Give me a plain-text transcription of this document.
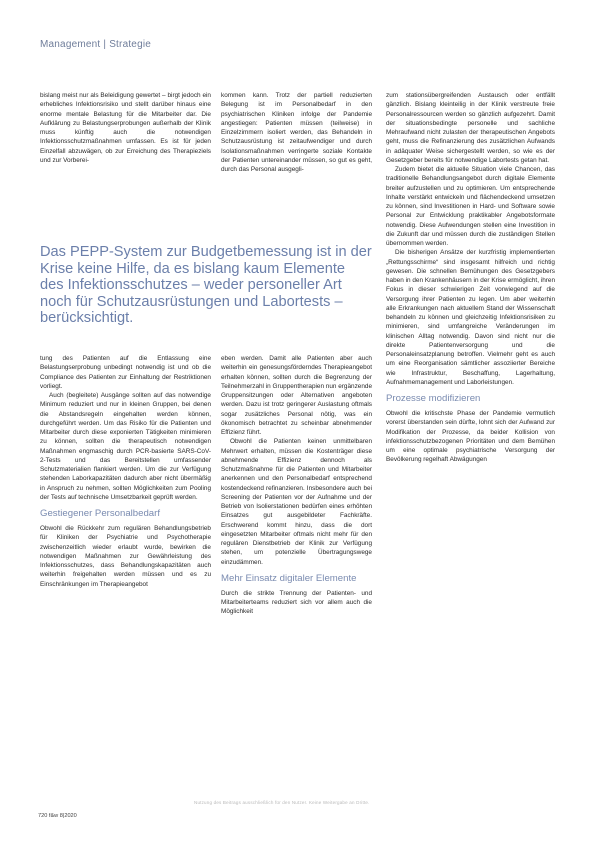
Management | Strategie

bislang meist nur als Beleidigung gewertet – birgt jedoch ein erhebliches Infektionsrisiko und stellt darüber hinaus eine enorme mentale Belastung für die Mitarbeiter dar. Die Aufklärung zu Belastungserprobungen außerhalb der Klinik muss künftig auch die notwendigen Infektionsschutzmaßnahmen umfassen. Es ist für jeden Einzelfall abzuwägen, ob zur Erreichung des Therapieziels und zur Vorberei-

kommen kann. Trotz der partiell reduzierten Belegung ist im Personalbedarf in den psychiatrischen Kliniken infolge der Pandemie angestiegen: Patienten müssen (teilweise) in Einzelzimmern isoliert werden, das Behandeln in Schutzausrüstung ist zeitaufwendiger und durch Isolationsmaßnahmen verringerte soziale Kontakte der Patienten untereinander müssen, so gut es geht, durch das Personal ausgegli-

Das PEPP-System zur Budgetbemessung ist in der Krise keine Hilfe, da es bislang kaum Elemente des Infektionsschutzes – weder personeller Art noch für Schutzausrüstungen und Labortests – berücksichtigt.

tung des Patienten auf die Entlassung eine Belastungserprobung unbedingt notwendig ist und ob die Compliance des Patienten zur Einhaltung der Restriktionen vorliegt.

Auch (begleitete) Ausgänge sollten auf das notwendige Minimum reduziert und nur in kleinen Gruppen, bei denen die Abstandsregeln eingehalten werden können, durchgeführt werden. Um das Risiko für die Patienten und Mitarbeiter durch diese exponierten Tätigkeiten minimieren zu können, sollten die therapeutisch notwendigen Maßnahmen engmaschig durch PCR-basierte SARS-CoV-2-Tests und das Bereitstellen umfassender Schutzmaterialien flankiert werden. Um die zur Verfügung stehenden Laborkapazitäten dadurch aber nicht übermäßig in Anspruch zu nehmen, sollten Möglichkeiten zum Pooling der Tests auf technische Umsetzbarkeit geprüft werden.

Gestiegener Personalbedarf

Obwohl die Rückkehr zum regulären Behandlungsbetrieb für Kliniken der Psychiatrie und Psychotherapie zwischenzeitlich wieder erlaubt wurde, bewirken die notwendigen Maßnahmen zur Gewährleistung des Infektionsschutzes, dass Behandlungskapazitäten auch weiterhin freigehalten werden müssen und es zu Einschränkungen im Therapieangebot

eben werden. Damit alle Patienten aber auch weiterhin ein genesungsförderndes Therapieangebot erhalten können, sollten durch die Begrenzung der Teilnehmerzahl in Gruppentherapien nun ergänzende Gruppensitzungen oder Alternativen angeboten werden. Dazu ist trotz geringerer Auslastung oftmals sogar zusätzliches Personal nötig, was ein ökonomisch betrachtet zu scheinbar abnehmender Effizienz führt.

Obwohl die Patienten keinen unmittelbaren Mehrwert erhalten, müssen die Kostenträger diese abnehmende Effizienz dennoch als Schutzmaßnahme für die Patienten und Mitarbeiter anerkennen und den Personalbedarf entsprechend kostendeckend refinanzieren. Insbesondere auch bei Screening der Patienten vor der Aufnahme und der Betrieb von Isolierstationen bedürfen eines erhöhten Einsatzes gut ausgebildeter Fachkräfte. Erschwerend kommt hinzu, dass die dort eingesetzten Mitarbeiter oftmals nicht mehr für den regulären Dienstbetrieb der Klinik zur Verfügung stehen, um potenzielle Übertragungswege einzudämmen.

Mehr Einsatz digitaler Elemente

Durch die strikte Trennung der Patienten- und Mitarbeiterteams reduziert sich vor allem auch die Möglichkeit

zum stationsübergreifenden Austausch oder entfällt gänzlich. Bislang kleinteilig in der Klinik verstreute freie Personalressourcen werden so gänzlich aufgezehrt. Damit der situationsbedingte personelle und sachliche Mehraufwand nicht zulasten der therapeutischen Angebots geht, muss die Refinanzierung des zusätzlichen Aufwands in adäquater Weise sichergestellt werden, so wie es der Gesetzgeber bereits für notwendige Labortests getan hat.

Zudem bietet die aktuelle Situation viele Chancen, das traditionelle Behandlungsangebot durch digitale Elemente breiter aufzustellen und zu optimieren. Um entsprechende Inhalte verstärkt entwickeln und flächendeckend umsetzen zu können, sind Investitionen in Hard- und Software sowie Personal zur Entwicklung praktikabler Angebotsformate notwendig. Diese Aufwendungen stellen eine Investition in die Zukunft dar und müssen durch die zuständigen Stellen übernommen werden.

Die bisherigen Ansätze der kurzfristig implementierten „Rettungsschirme“ sind insgesamt hilfreich und richtig gewesen. Die schnellen Bemühungen des Gesetzgebers haben in den Krankenhäusern in der Krise ermöglicht, ihren Fokus in dieser schwierigen Zeit vorwiegend auf die Versorgung ihrer Patienten zu legen. Um aber weiterhin alle Erkrankungen nach aktuellem Stand der Wissenschaft behandeln zu können und gleichzeitig Infektionsrisiken zu minimieren, sind umfangreiche Veränderungen im klinischen Alltag notwendig. Davon sind nicht nur die direkte Patientenversorgung und die Personaleinsatzplanung betroffen. Vielmehr geht es auch um eine Reorganisation sämtlicher assoziierter Bereiche wie Infrastruktur, Beschaffung, Lagerhaltung, Aufnahmemanagement und Laborleistungen.

Prozesse modifizieren

Obwohl die kritischste Phase der Pandemie vermutlich vorerst überstanden sein dürfte, lohnt sich der Aufwand zur Modifikation der Prozesse, da beider Kollision von infektionsschutzbezogenen Prioritäten und dem Bemühen um eine optimale psychiatrische Versorgung der Bevölkerung regelhaft Abwägungen

Nutzung des Beitrags ausschließlich für den Nutzer. Keine Weitergabe an Dritte.
720 f&w 8|2020
